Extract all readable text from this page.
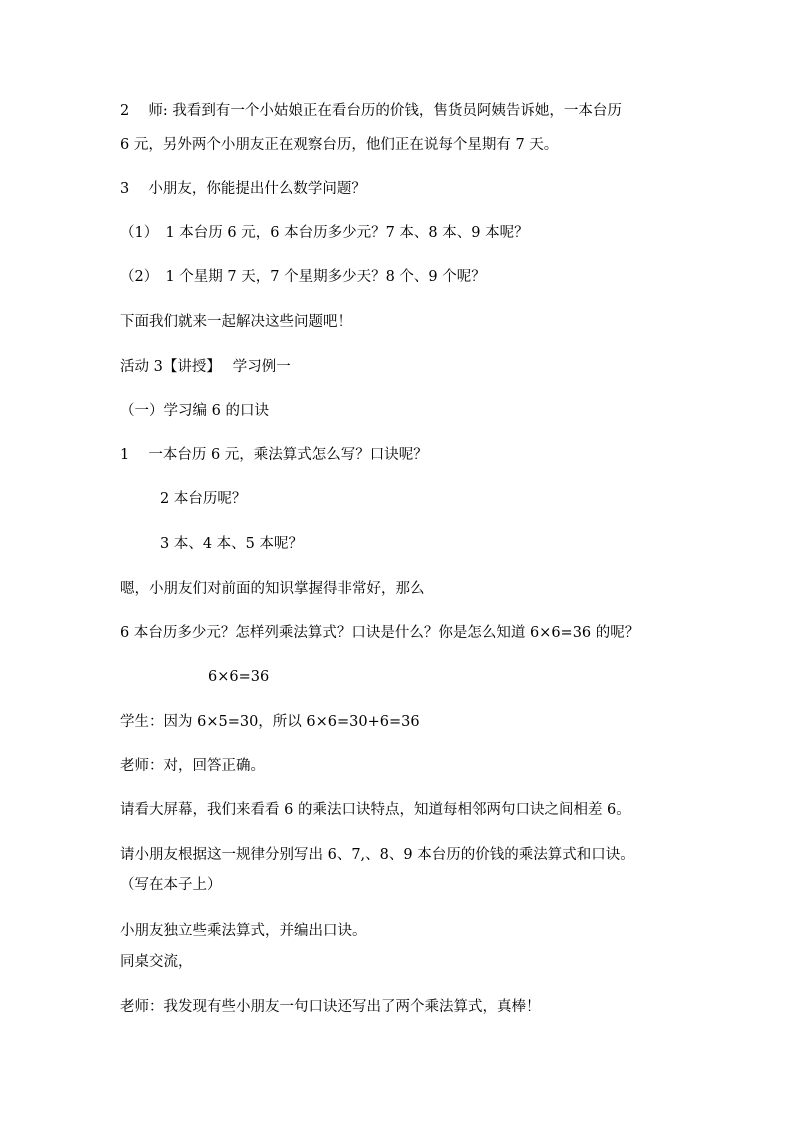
2　 师: 我看到有一个小姑娘正在看台历的价钱，售货员阿姨告诉她，一本台历
6 元，另外两个小朋友正在观察台历，他们正在说每个星期有 7 天。
3　 小朋友，你能提出什么数学问题？
（1）　1 本台历 6 元，6 本台历多少元？7 本、8 本、9 本呢？
（2）　1 个星期 7 天，7 个星期多少天？8 个、9 个呢？
下面我们就来一起解决这些问题吧！
活动 3【讲授】　 学习例一
（一）学习编 6 的口诀
1　 一本台历 6 元，乘法算式怎么写？口诀呢？
2 本台历呢？
3 本、4 本、5 本呢？
嗯，小朋友们对前面的知识掌握得非常好，那么
6 本台历多少元？怎样列乘法算式？口诀是什么？你是怎么知道 6×6=36 的呢？
6×6=36
学生：因为 6×5=30，所以 6×6=30+6=36
老师：对，回答正确。
请看大屏幕，我们来看看 6 的乘法口诀特点，知道每相邻两句口诀之间相差 6。
请小朋友根据这一规律分别写出 6、7,、8、9 本台历的价钱的乘法算式和口诀。
（写在本子上）
小朋友独立些乘法算式，并编出口诀。
同桌交流，
老师：我发现有些小朋友一句口诀还写出了两个乘法算式，真棒！
